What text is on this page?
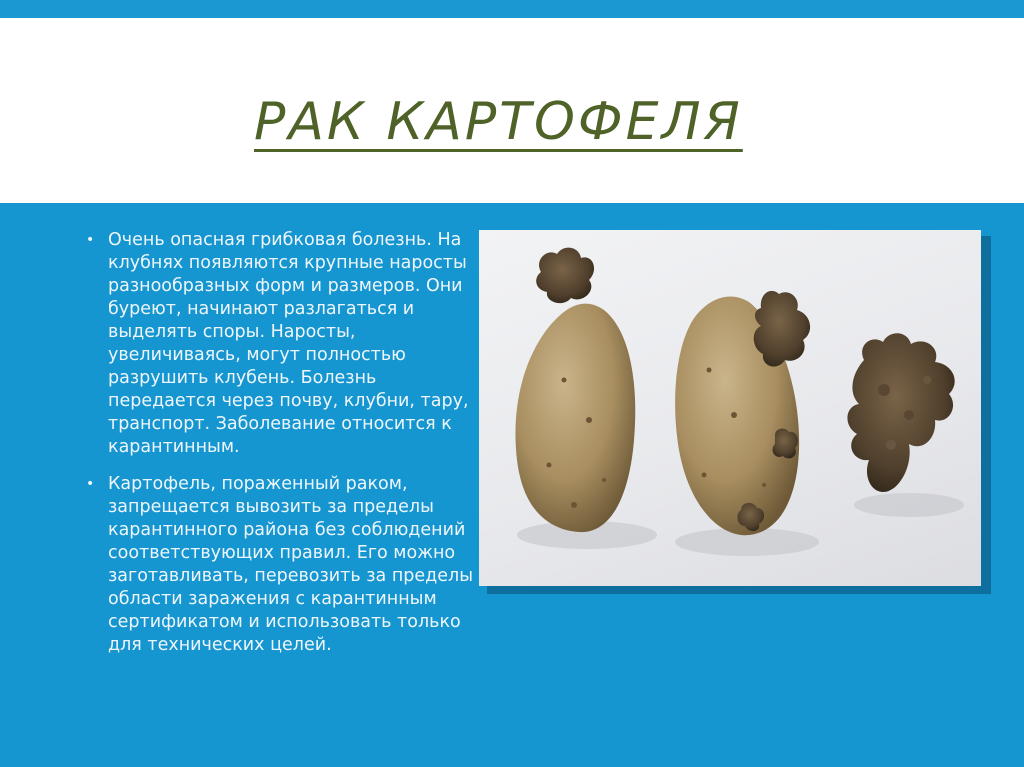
РАК КАРТОФЕЛЯ
• Очень опасная грибковая болезнь. На клубнях появляются крупные наросты разнообразных форм и размеров. Они буреют, начинают разлагаться и выделять споры. Наросты, увеличиваясь, могут полностью разрушить клубень. Болезнь передается через почву, клубни, тару, транспорт. Заболевание относится к карантинным.
• Картофель, пораженный раком, запрещается вывозить за пределы карантинного района без соблюдений соответствующих правил. Его можно заготавливать, перевозить за пределы области заражения с карантинным сертификатом и использовать только для технических целей.
